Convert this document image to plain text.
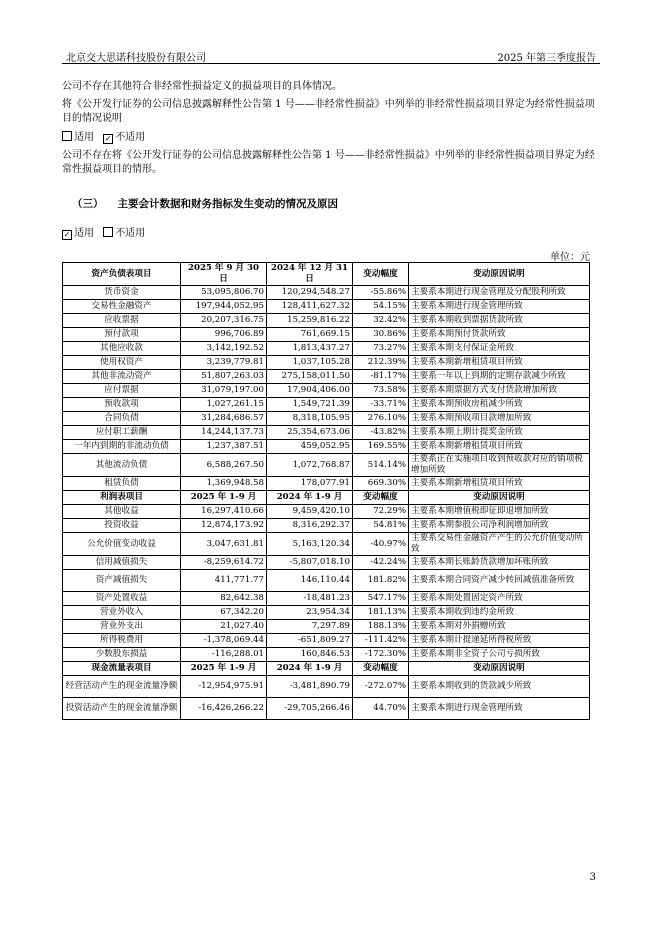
北京交大思诺科技股份有限公司	2025 年第三季度报告
公司不存在其他符合非经常性损益定义的损益项目的具体情况。
将《公开发行证券的公司信息披露解释性公告第 1 号——非经常性损益》中列举的非经常性损益项目界定为经常性损益项目的情况说明
适用 ✓ 不适用
公司不存在将《公开发行证券的公司信息披露解释性公告第 1 号——非经常性损益》中列举的非经常性损益项目界定为经常性损益项目的情形。
（三） 主要会计数据和财务指标发生变动的情况及原因
✓ 适用 不适用
单位：元
资产负债表项目	2025 年 9 月 30 日	2024 年 12 月 31 日	变动幅度	变动原因说明
货币资金	53,095,806.70	120,294,548.27	-55.86%	主要系本期进行现金管理及分配股利所致
交易性金融资产	197,944,052.95	128,411,627.32	54.15%	主要系本期进行现金管理所致
应收票据	20,207,316.75	15,259,816.22	32.42%	主要系本期收到票据货款所致
预付款项	996,706.89	761,669.15	30.86%	主要系本期预付货款所致
其他应收款	3,142,192.52	1,813,437.27	73.27%	主要系本期支付保证金所致
使用权资产	3,239,779.81	1,037,105.28	212.39%	主要系本期新增租赁项目所致
其他非流动资产	51,807,263.03	275,158,011.50	-81.17%	主要系一年以上到期的定期存款减少所致
应付票据	31,079,197.00	17,904,406.00	73.58%	主要系本期票据方式支付货款增加所致
预收款项	1,027,261.15	1,549,721.39	-33.71%	主要系本期预收房租减少所致
合同负债	31,284,686.57	8,318,105.95	276.10%	主要系本期预收项目款增加所致
应付职工薪酬	14,244,137.73	25,354,673.06	-43.82%	主要系本期上期计提奖金所致
一年内到期的非流动负债	1,237,387.51	459,052.95	169.55%	主要系本期新增租赁项目所致
其他流动负债	6,588,267.50	1,072,768.87	514.14%	主要系正在实施项目收到预收款对应的销项税增加所致
租赁负债	1,369,948.58	178,077.91	669.30%	主要系本期新增租赁项目所致
利润表项目	2025 年 1-9 月	2024 年 1-9 月	变动幅度	变动原因说明
其他收益	16,297,410.66	9,459,420.10	72.29%	主要系本期增值税即征即退增加所致
投资收益	12,874,173.92	8,316,292.37	54.81%	主要系本期参股公司净利润增加所致
公允价值变动收益	3,047,631.81	5,163,120.34	-40.97%	主要系交易性金融资产产生的公允价值变动所致
信用减值损失	-8,259,614.72	-5,807,018.10	-42.24%	主要系本期长账龄货款增加坏账所致
资产减值损失	411,771.77	146,110.44	181.82%	主要系本期合同资产减少转回减值准备所致
资产处置收益	82,642.38	-18,481.23	547.17%	主要系本期处置固定资产所致
营业外收入	67,342.20	23,954.34	181.13%	主要系本期收到违约金所致
营业外支出	21,027.40	7,297.89	188.13%	主要系本期对外捐赠所致
所得税费用	-1,378,069.44	-651,809.27	-111.42%	主要系本期计提递延所得税所致
少数股东损益	-116,288.01	160,846.53	-172.30%	主要系本期非全资子公司亏损所致
现金流量表项目	2025 年 1-9 月	2024 年 1-9 月	变动幅度	变动原因说明
经营活动产生的现金流量净额	-12,954,975.91	-3,481,890.79	-272.07%	主要系本期收到的货款减少所致
投资活动产生的现金流量净额	-16,426,266.22	-29,705,266.46	44.70%	主要系本期进行现金管理所致
3
